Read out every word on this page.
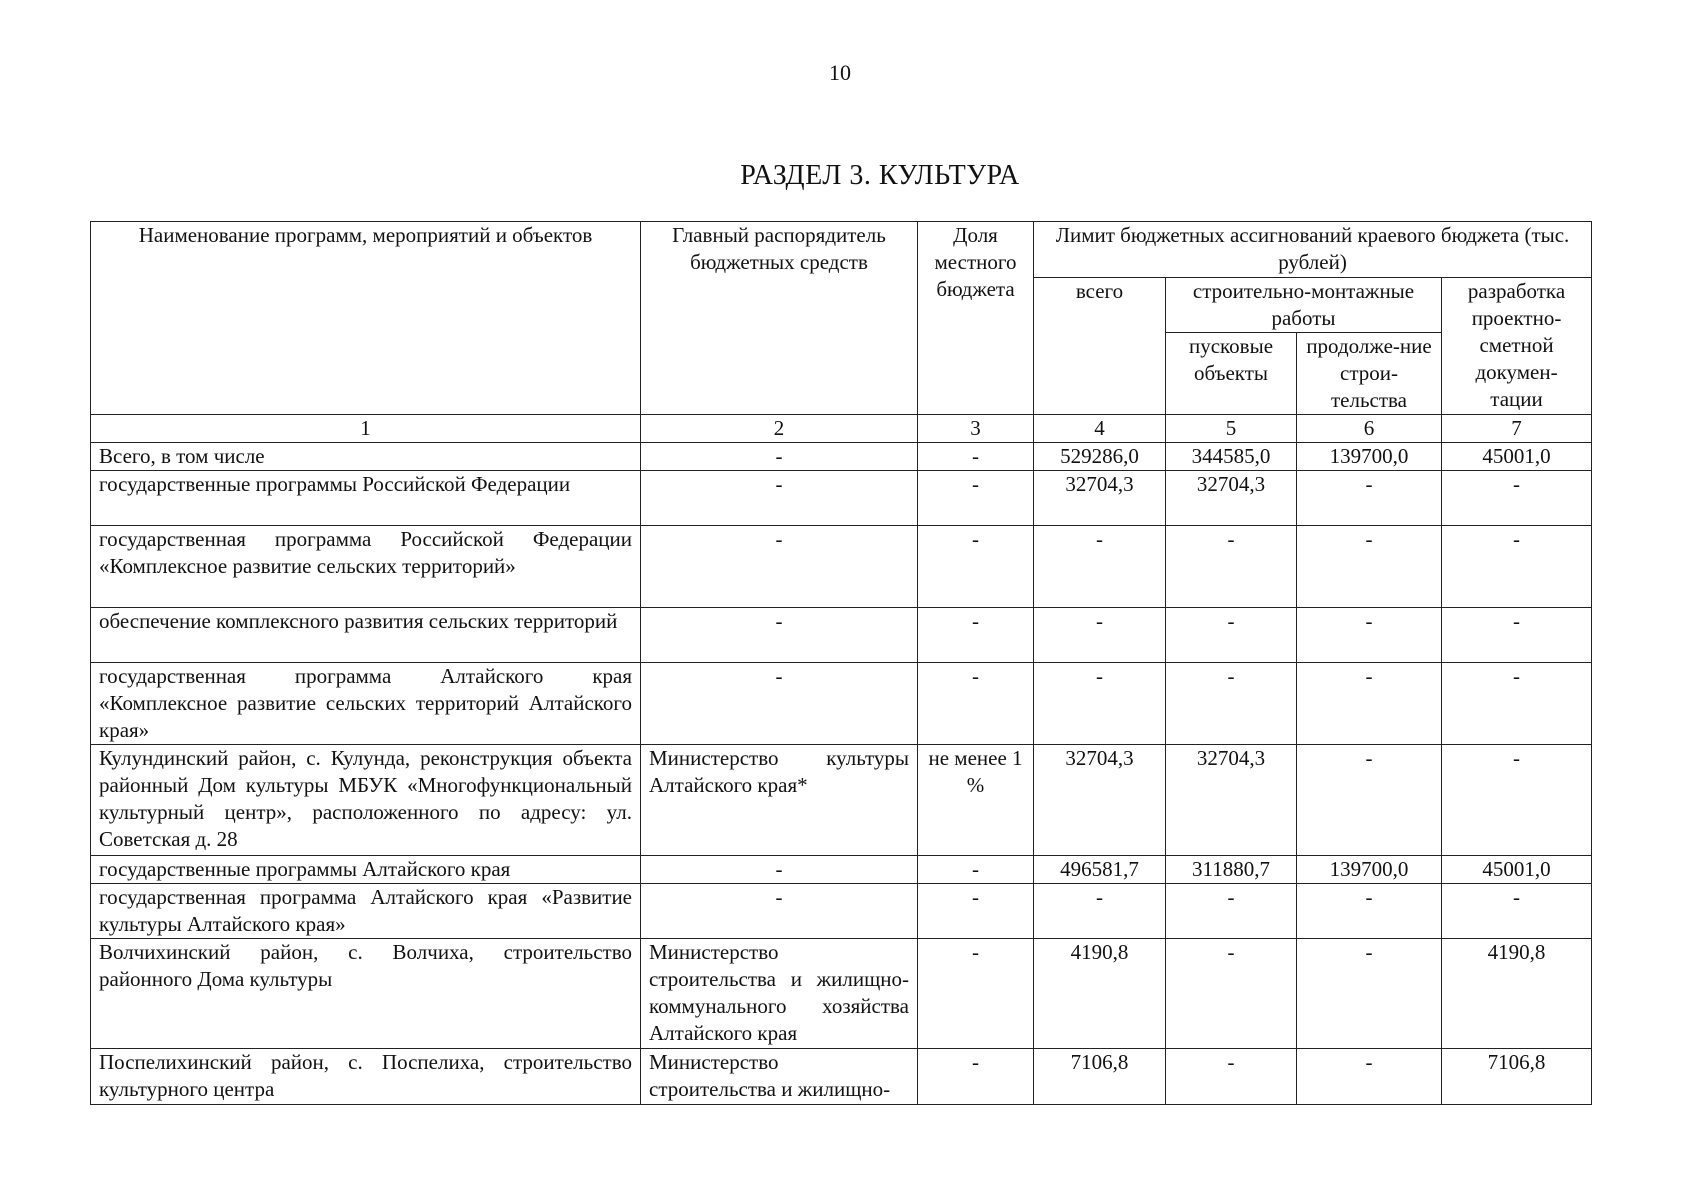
10
РАЗДЕЛ 3. КУЛЬТУРА
Наименование программ, мероприятий и объектов	Главный распорядитель бюджетных средств	Доля местного бюджета	Лимит бюджетных ассигнований краевого бюджета (тыс. рублей)			
			всего	строительно-монтажные работы		разработка проектно-сметной докумен-тации
				пусковые объекты	продолже-ние строи-тельства	

1	2	3	4	5	6	7
Всего, в том числе	-	-	529286,0	344585,0	139700,0	45001,0
государственные программы Российской Федерации	-	-	32704,3	32704,3	-	-
государственная программа Российской Федерации «Комплексное развитие сельских территорий»	-	-	-	-	-	-
обеспечение комплексного развития сельских территорий	-	-	-	-	-	-
государственная программа Алтайского края «Комплексное развитие сельских территорий Алтайского края»	-	-	-	-	-	-
Кулундинский район, с. Кулунда, реконструкция объекта районный Дом культуры МБУК «Многофункциональный культурный центр», расположенного по адресу: ул. Советская д. 28	Министерство культуры Алтайского края*	не менее 1 %	32704,3	32704,3	-	-
государственные программы Алтайского края	-	-	496581,7	311880,7	139700,0	45001,0
государственная программа Алтайского края «Развитие культуры Алтайского края»	-	-	-	-	-	-
Волчихинский район, с. Волчиха, строительство районного Дома культуры	Министерство строительства и жилищно-коммунального хозяйства Алтайского края	-	4190,8	-	-	4190,8
Поспелихинский район, с. Поспелиха, строительство культурного центра	Министерство строительства и жилищно-	-	7106,8	-	-	7106,8
